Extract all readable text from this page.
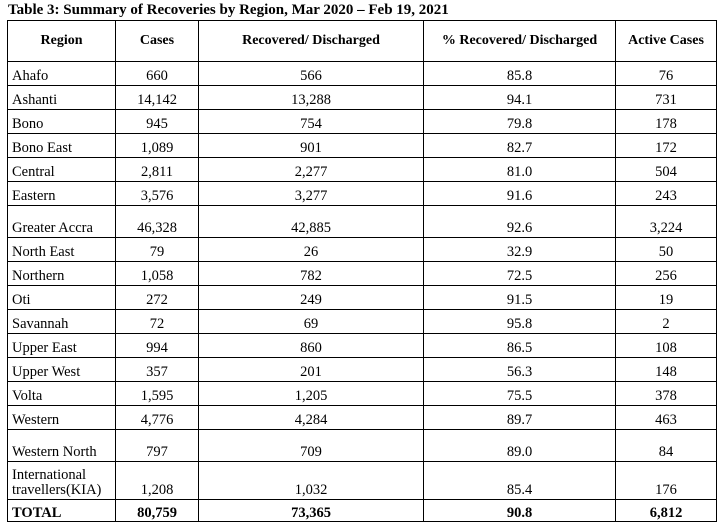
Table 3: Summary of Recoveries by Region, Mar 2020 – Feb 19, 2021
Region	Cases	Recovered/ Discharged	% Recovered/ Discharged	Active Cases
Ahafo	660	566	85.8	76
Ashanti	14,142	13,288	94.1	731
Bono	945	754	79.8	178
Bono East	1,089	901	82.7	172
Central	2,811	2,277	81.0	504
Eastern	3,576	3,277	91.6	243
Greater Accra	46,328	42,885	92.6	3,224
North East	79	26	32.9	50
Northern	1,058	782	72.5	256
Oti	272	249	91.5	19
Savannah	72	69	95.8	2
Upper East	994	860	86.5	108
Upper West	357	201	56.3	148
Volta	1,595	1,205	75.5	378
Western	4,776	4,284	89.7	463
Western North	797	709	89.0	84

International
travellers(KIA)	1,208	1,032	85.4	176
TOTAL	80,759	73,365	90.8	6,812
